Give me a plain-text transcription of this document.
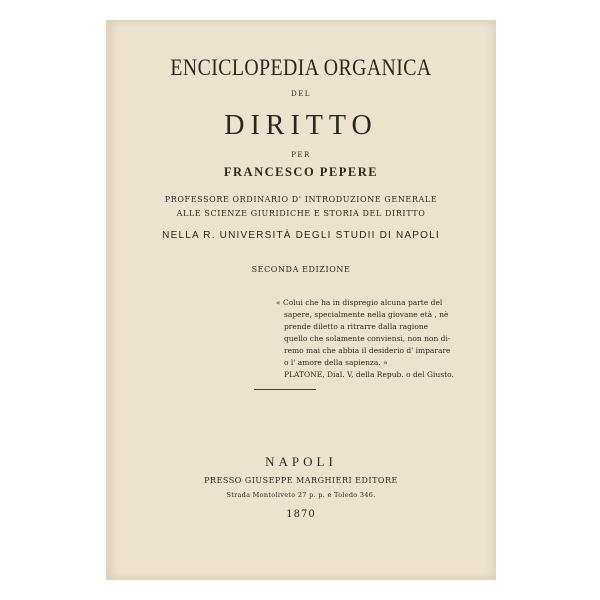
ENCICLOPEDIA ORGANICA
DEL
DIRITTO
PER
FRANCESCO PEPERE
PROFESSORE ORDINARIO D' INTRODUZIONE GENERALE
ALLE SCIENZE GIURIDICHE E STORIA DEL DIRITTO
NELLA R. UNIVERSITÀ DEGLI STUDII DI NAPOLI
SECONDA EDIZIONE
« Colui che ha in dispregio alcuna parte del
sapere, specialmente nella giovane età , nè
prende diletto a ritrarre dalla ragione
quello che solamente conviensi, non non di-
remo mai che abbia il desiderio d' imparare
o l' amore della sapienza. »
PLATONE, Dial. V, della Repub. o del Giusto.
NAPOLI
PRESSO GIUSEPPE MARGHIERI EDITORE
Strada Montoliveto 27 p. p. e Toledo 346.
1870
